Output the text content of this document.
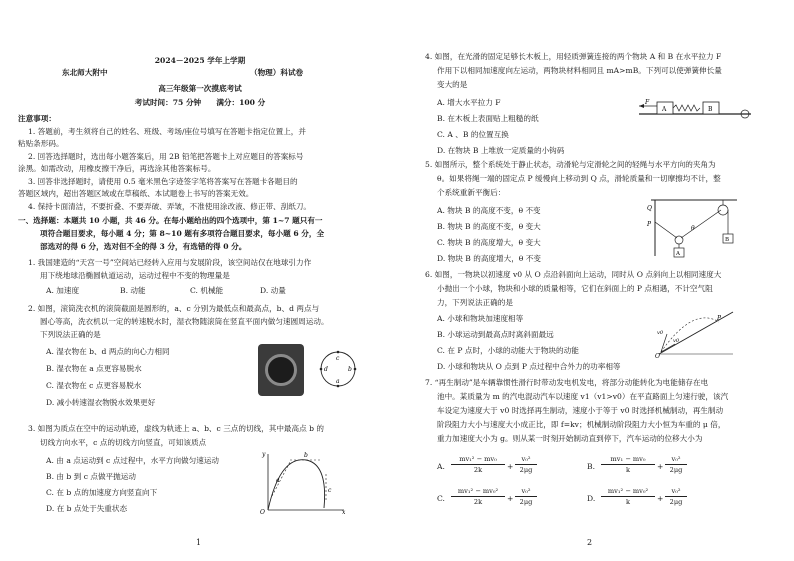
2024－2025 学年上学期
东北师大附中	（物理）科试卷
高三年级第一次摸底考试
考试时间：75 分钟　　满分：100 分
注意事项：
1. 答题前，考生须将自己的姓名、班级、考场/座位号填写在答题卡指定位置上，并
粘贴条形码。
2. 回答选择题时，选出每小题答案后，用 2B 铅笔把答题卡上对应题目的答案标号
涂黑。如需改动，用橡皮擦干净后，再选涂其他答案标号。
3. 回答非选择题时，请使用 0.5 毫米黑色字迹签字笔将答案写在答题卡各题目的
答题区域内，超出答题区域或在草稿纸、本试题卷上书写的答案无效。
4. 保持卡面清洁，不要折叠、不要弄破、弄皱，不准使用涂改液、修正带、刮纸刀。
一、选择题：本题共 10 小题，共 46 分。在每小题给出的四个选项中，第 1~7 题只有一
项符合题目要求，每小题 4 分；第 8~10 题有多项符合题目要求，每小题 6 分，全
部选对的得 6 分，选对但不全的得 3 分，有选错的得 0 分。
1. 我国建造的“天宫一号”空间站已经转入应用与发展阶段，该空间站仅在地球引力作
用下绕地球沿椭圆轨道运动，运动过程中不变的物理量是
A. 加速度	B. 动能	C. 机械能	D. 动量
2. 如图，滚筒洗衣机的滚筒截面是圆形的，a、c 分别为最低点和最高点，b、d 两点与
圆心等高，洗衣机以一定的转速脱水时，湿衣物随滚筒在竖直平面内做匀速圆周运动。
下列说法正确的是
A. 湿衣物在 b、d 两点的向心力相同
B. 湿衣物在 a 点更容易脱水
C. 湿衣物在 c 点更容易脱水
D. 减小转速湿衣物脱水效果更好
c
b
d
a
3. 如图为质点在空中的运动轨迹，虚线为轨迹上 a、b、c 三点的切线，其中最高点 b 的
切线方向水平，c 点的切线方向竖直，可知该质点
A. 由 a 点运动到 c 点过程中，水平方向做匀速运动
B. 由 b 到 c 点做平抛运动
C. 在 b 点的加速度方向竖直向下
D. 在 b 点处于失重状态
y
x
O
a
b
c
1
4. 如图，在光滑的固定足够长木板上，用轻质弹簧连接的两个物块 A 和 B 在水平拉力 F
作用下以相同加速度向左运动，两物块材料相同且 mA>mB。下列可以使弹簧伸长量
变大的是
A. 增大水平拉力 F
B. 在木板上表面贴上粗糙的纸
C. A 、B 的位置互换
D. 在物块 B 上堆放一定质量的小钩码
F
A	B
5. 如图所示，整个系统处于静止状态，动滑轮与定滑轮之间的轻绳与水平方向的夹角为
θ。如果将绳一端的固定点 P 缓慢向上移动到 Q 点，滑轮质量和一切摩擦均不计，整
个系统重新平衡后：
A. 物块 B 的高度不变，θ 不变
B. 物块 B 的高度不变，θ 变大
C. 物块 B 的高度增大，θ 变大
D. 物块 B 的高度增大，θ 不变
Q
P
θ
A
B
6. 如图，一物块以初速度 v0 从 O 点沿斜面向上运动，同时从 O 点斜向上以相同速度大
小抛出一个小球，物块和小球的质量相等，它们在斜面上的 P 点相遇，不计空气阻
力，下列说法正确的是
A. 小球和物块加速度相等
B. 小球运动到最高点时离斜面最远
C. 在 P 点时，小球的动能大于物块的动能
D. 小球和物块从 O 点到 P 点过程中合外力的功率相等
P
v0
v0
O
7. “再生制动”是车辆靠惯性滑行时带动发电机发电，将部分动能转化为电能储存在电
池中。某质量为 m 的汽电混动汽车以速度 v1（v1>v0）在平直路面上匀速行驶，该汽
车设定为速度大于 v0 时选择再生制动，速度小于等于 v0 时选择机械制动，再生制动
阶段阻力大小与速度大小成正比，即 f=kv；机械制动阶段阻力大小恒为车重的 μ 倍，
重力加速度大小为 g。则从某一时刻开始制动直到停下，汽车运动的位移大小为
A.
mv₁² − mv₀
2k	+
v₀²
2μg	B.
mv₁ − mv₀
k	+
v₀²
2μg
C.
mv₁² − mv₀²
2k	+
v₀²
2μg	D.
mv₁² − mv₀²
k	+
v₀²
2μg
2
